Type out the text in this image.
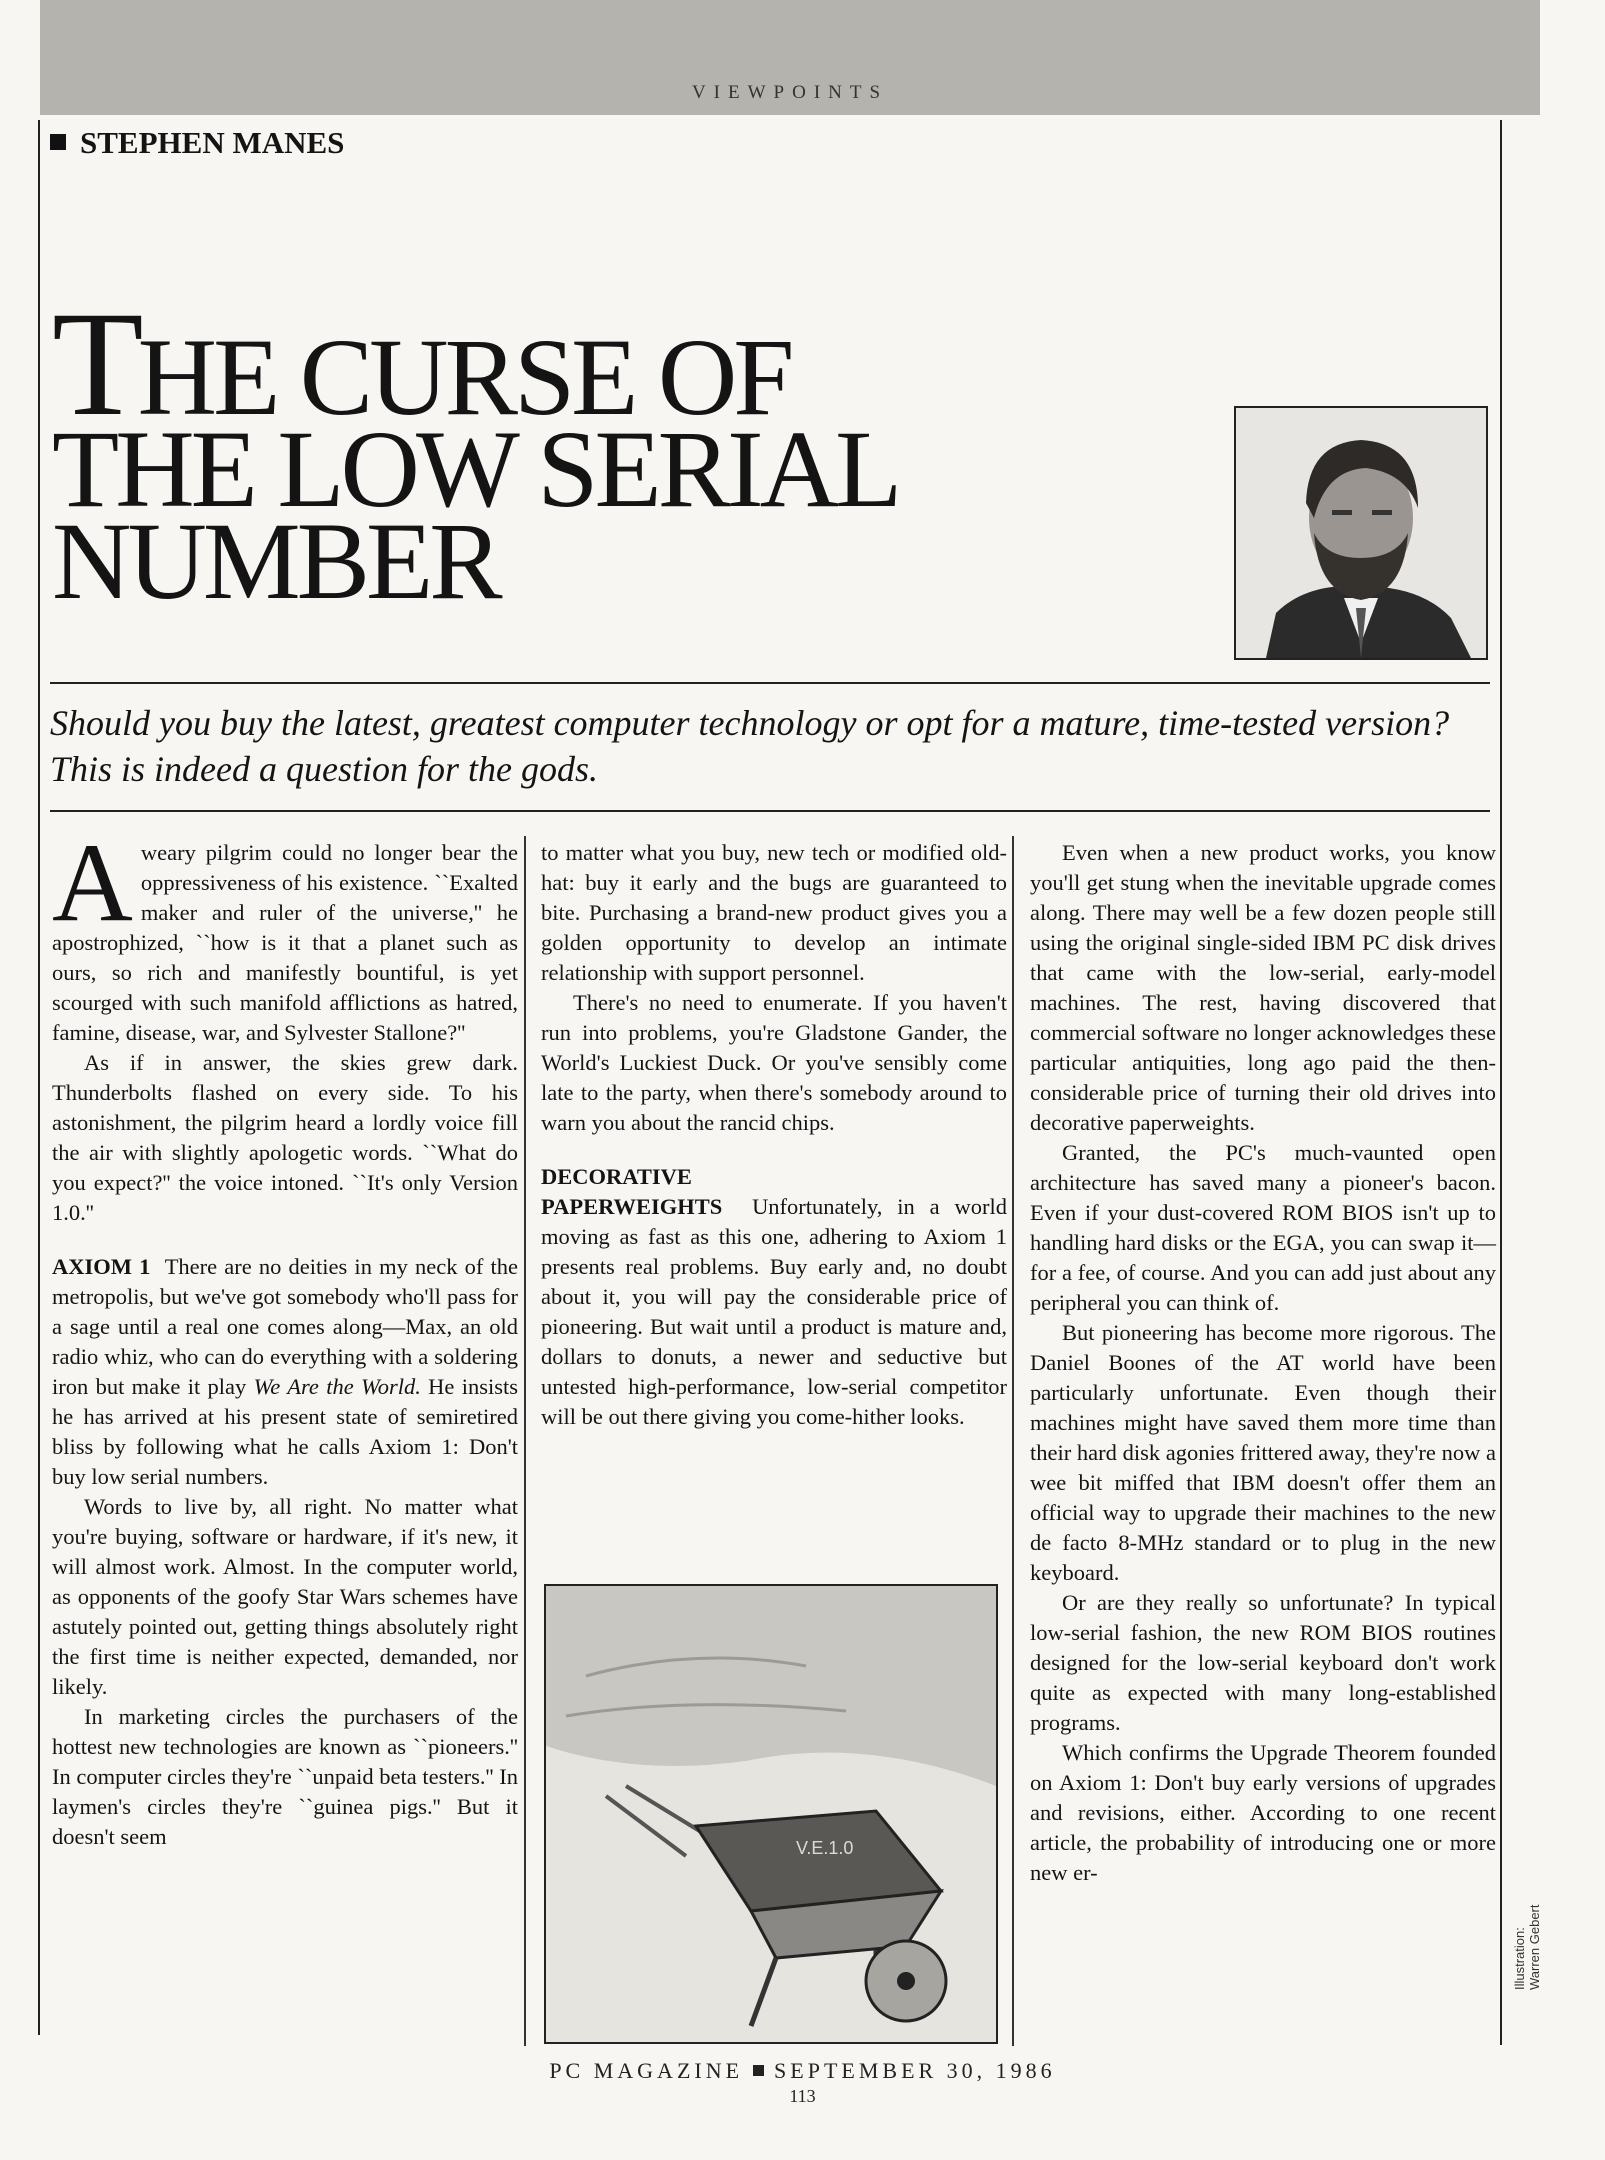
VIEWPOINTS
STEPHEN MANES
THE CURSE OF
THE LOW SERIAL
NUMBER

Should you buy the latest, greatest computer technology or opt for a mature, time-tested version? This is indeed a question for the gods.

Aweary pilgrim could no longer bear the oppressiveness of his existence. ``Exalted maker and ruler of the universe,'' he apostrophized, ``how is it that a planet such as ours, so rich and manifestly bountiful, is yet scourged with such manifold afflictions as hatred, famine, disease, war, and Sylvester Stallone?''

As if in answer, the skies grew dark. Thunderbolts flashed on every side. To his astonishment, the pilgrim heard a lordly voice fill the air with slightly apologetic words. ``What do you expect?'' the voice intoned. ``It's only Version 1.0.''

AXIOM 1 There are no deities in my neck of the metropolis, but we've got somebody who'll pass for a sage until a real one comes along—Max, an old radio whiz, who can do everything with a soldering iron but make it play We Are the World. He insists he has arrived at his present state of semiretired bliss by following what he calls Axiom 1: Don't buy low serial numbers.

Words to live by, all right. No matter what you're buying, software or hardware, if it's new, it will almost work. Almost. In the computer world, as opponents of the goofy Star Wars schemes have astutely pointed out, getting things absolutely right the first time is neither expected, demanded, nor likely.

In marketing circles the purchasers of the hottest new technologies are known as ``pioneers.'' In computer circles they're ``unpaid beta testers.'' In laymen's circles they're ``guinea pigs.'' But it doesn't seem

to matter what you buy, new tech or modified old-hat: buy it early and the bugs are guaranteed to bite. Purchasing a brand-new product gives you a golden opportunity to develop an intimate relationship with support personnel.

There's no need to enumerate. If you haven't run into problems, you're Gladstone Gander, the World's Luckiest Duck. Or you've sensibly come late to the party, when there's somebody around to warn you about the rancid chips.

DECORATIVE PAPERWEIGHTS Unfortunately, in a world moving as fast as this one, adhering to Axiom 1 presents real problems. Buy early and, no doubt about it, you will pay the considerable price of pioneering. But wait until a product is mature and, dollars to donuts, a newer and seductive but untested high-performance, low-serial competitor will be out there giving you come-hither looks.

V.E.1.0

Even when a new product works, you know you'll get stung when the inevitable upgrade comes along. There may well be a few dozen people still using the original single-sided IBM PC disk drives that came with the low-serial, early-model machines. The rest, having discovered that commercial software no longer acknowledges these particular antiquities, long ago paid the then-considerable price of turning their old drives into decorative paperweights.

Granted, the PC's much-vaunted open architecture has saved many a pioneer's bacon. Even if your dust-covered ROM BIOS isn't up to handling hard disks or the EGA, you can swap it—for a fee, of course. And you can add just about any peripheral you can think of.

But pioneering has become more rigorous. The Daniel Boones of the AT world have been particularly unfortunate. Even though their machines might have saved them more time than their hard disk agonies frittered away, they're now a wee bit miffed that IBM doesn't offer them an official way to upgrade their machines to the new de facto 8-MHz standard or to plug in the new keyboard.

Or are they really so unfortunate? In typical low-serial fashion, the new ROM BIOS routines designed for the low-serial keyboard don't work quite as expected with many long-established programs.

Which confirms the Upgrade Theorem founded on Axiom 1: Don't buy early versions of upgrades and revisions, either. According to one recent article, the probability of introducing one or more new er-

Illustration: Warren Gebert
PC MAGAZINE SEPTEMBER 30, 1986
113
